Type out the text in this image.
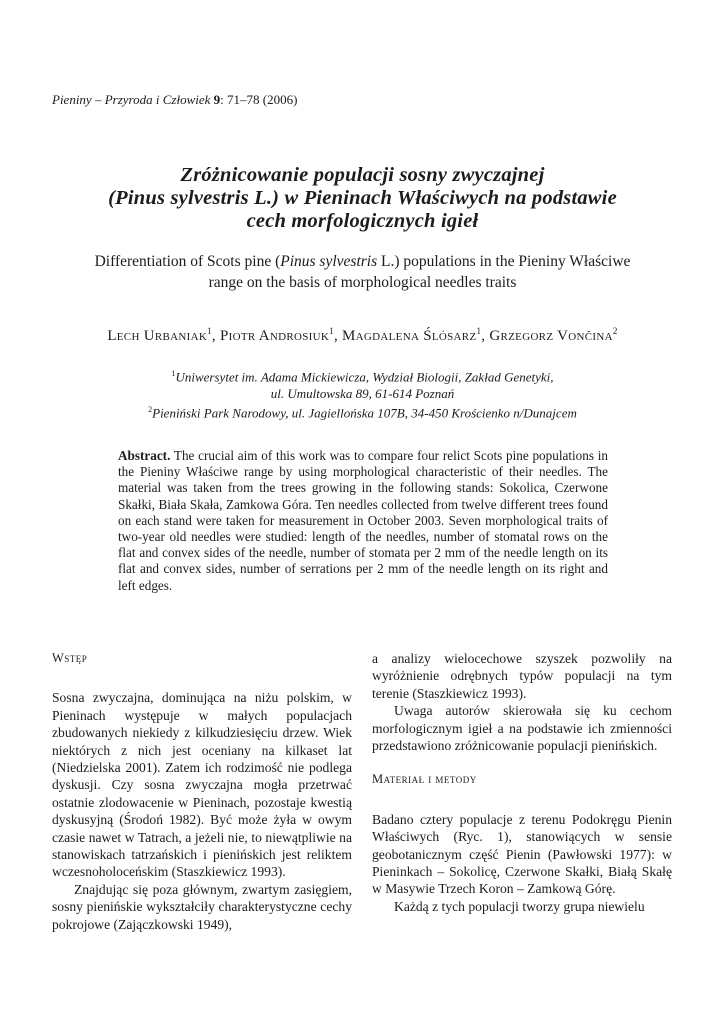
Pieniny – Przyroda i Człowiek 9: 71–78 (2006)
Zróżnicowanie populacji sosny zwyczajnej
(Pinus sylvestris L.) w Pieninach Właściwych na podstawie
cech morfologicznych igieł
Differentiation of Scots pine (Pinus sylvestris L.) populations in the Pieniny Właściwe
range on the basis of morphological needles traits
Lech Urbaniak$^1$, Piotr Androsiuk$^1$, Magdalena Ślósarz$^1$, Grzegorz Vončina$^2$
$^1$Uniwersytet im. Adama Mickiewicza, Wydział Biologii, Zakład Genetyki,
ul. Umultowska 89, 61-614 Poznań
$^2$Pieniński Park Narodowy, ul. Jagiellońska 107B, 34-450 Krościenko n/Dunajcem
Abstract. The crucial aim of this work was to compare four relict Scots pine populations in the Pieniny Właściwe range by using morphological characteristic of their needles. The material was taken from the trees growing in the following stands: Sokolica, Czerwone Skałki, Biała Skała, Zamkowa Góra. Ten needles collected from twelve different trees found on each stand were taken for measurement in October 2003. Seven morphological traits of two-year old needles were studied: length of the needles, number of stomatal rows on the flat and convex sides of the needle, number of stomata per 2 mm of the needle length on its flat and convex sides, number of serrations per 2 mm of the needle length on its right and left edges.

Wstęp

Sosna zwyczajna, dominująca na niżu polskim, w Pieninach występuje w małych populacjach zbudowanych niekiedy z kilkudziesięciu drzew. Wiek niektórych z nich jest oceniany na kilkaset lat (Niedzielska 2001). Zatem ich rodzimość nie podlega dyskusji. Czy sosna zwyczajna mogła przetrwać ostatnie zlodowacenie w Pieninach, pozostaje kwestią dyskusyjną (Środoń 1982). Być może żyła w owym czasie nawet w Tatrach, a jeżeli nie, to niewątpliwie na stanowiskach tatrzańskich i pienińskich jest reliktem wczesnoholoceńskim (Staszkiewicz 1993).

Znajdując się poza głównym, zwartym zasięgiem, sosny pienińskie wykształciły charakterystyczne cechy pokrojowe (Zajączkowski 1949),

a analizy wielocechowe szyszek pozwoliły na wyróżnienie odrębnych typów populacji na tym terenie (Staszkiewicz 1993).

Uwaga autorów skierowała się ku cechom morfologicznym igieł a na podstawie ich zmienności przedstawiono zróżnicowanie populacji pienińskich.

Materiał i metody

Badano cztery populacje z terenu Podokręgu Pienin Właściwych (Ryc. 1), stanowiących w sensie geobotanicznym część Pienin (Pawłowski 1977): w Pieninkach – Sokolicę, Czerwone Skałki, Białą Skałę w Masywie Trzech Koron – Zamkową Górę.

Każdą z tych populacji tworzy grupa niewielu
